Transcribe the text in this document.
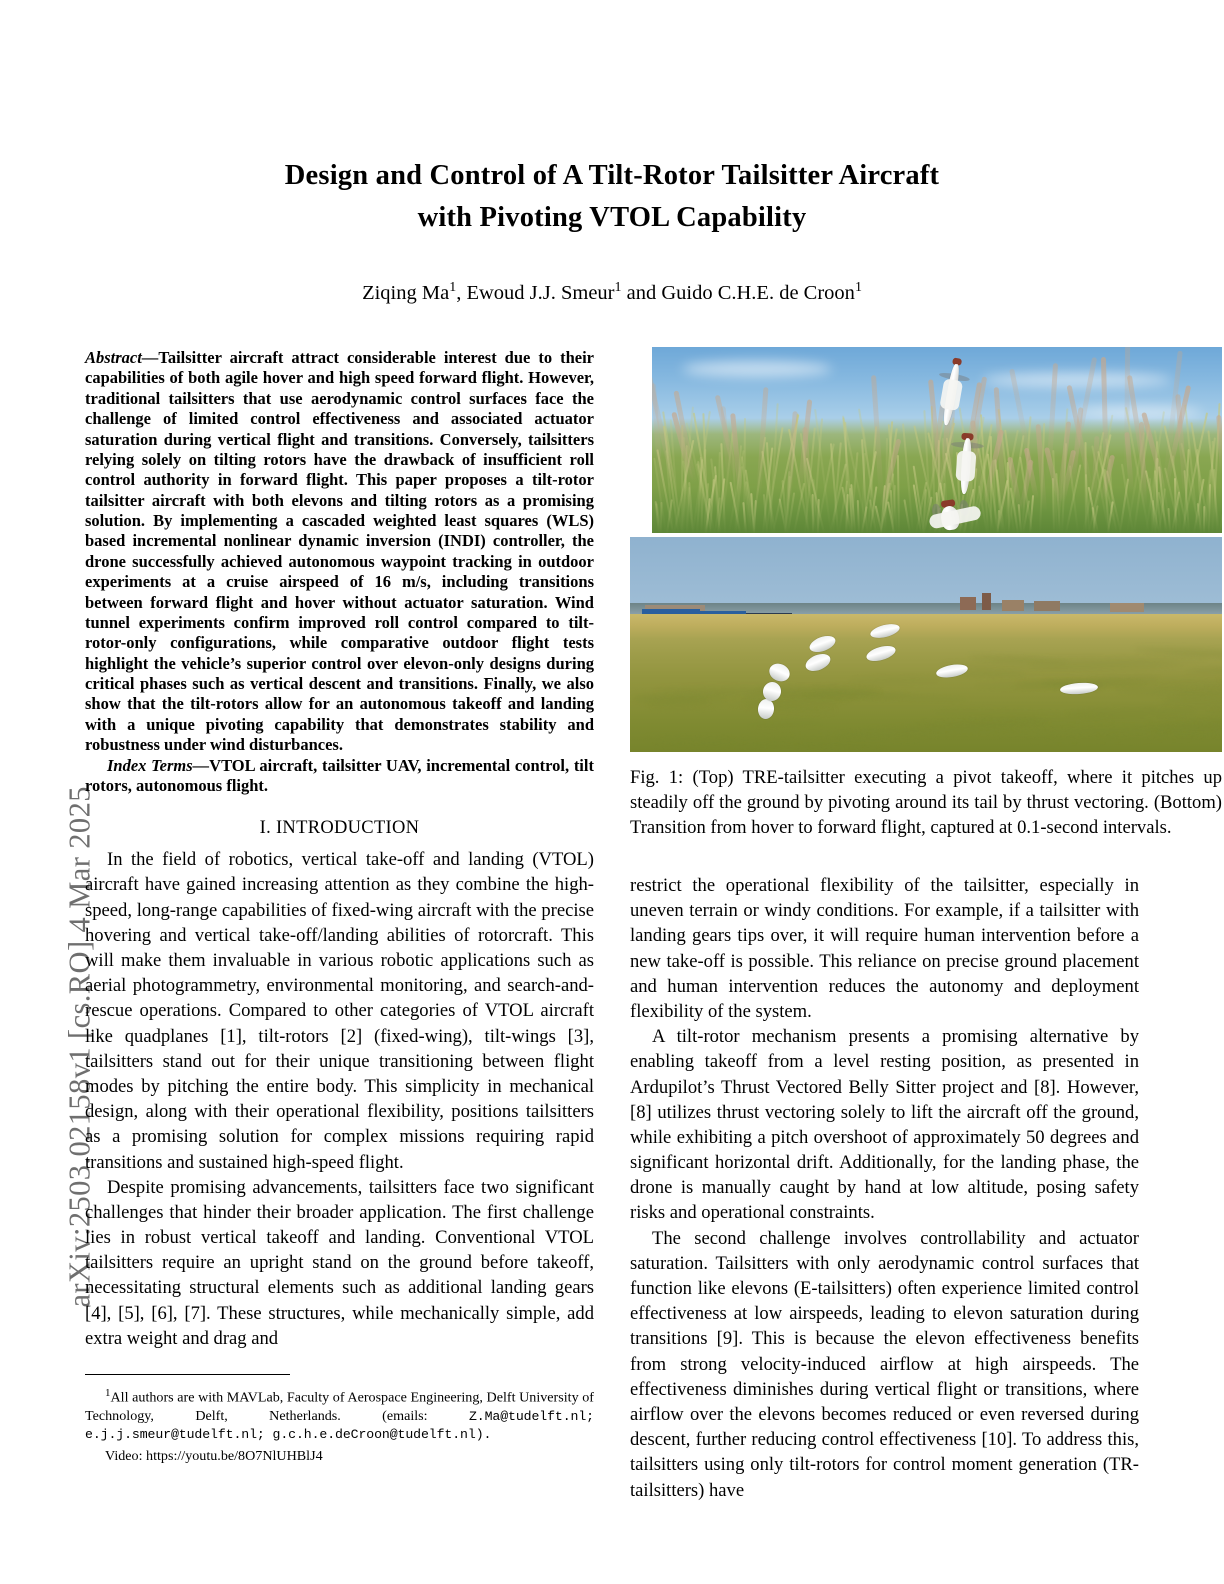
arXiv:2503.02158v1 [cs.RO] 4 Mar 2025
Design and Control of A Tilt-Rotor Tailsitter Aircraft
with Pivoting VTOL Capability
Ziqing Ma$^1$, Ewoud J.J. Smeur$^1$ and Guido C.H.E. de Croon$^1$

Abstract—Tailsitter aircraft attract considerable interest due to their capabilities of both agile hover and high speed forward flight. However, traditional tailsitters that use aerodynamic control surfaces face the challenge of limited control effectiveness and associated actuator saturation during vertical flight and transitions. Conversely, tailsitters relying solely on tilting rotors have the drawback of insufficient roll control authority in forward flight. This paper proposes a tilt-rotor tailsitter aircraft with both elevons and tilting rotors as a promising solution. By implementing a cascaded weighted least squares (WLS) based incremental nonlinear dynamic inversion (INDI) controller, the drone successfully achieved autonomous waypoint tracking in outdoor experiments at a cruise airspeed of 16 m/s, including transitions between forward flight and hover without actuator saturation. Wind tunnel experiments confirm improved roll control compared to tilt-rotor-only configurations, while comparative outdoor flight tests highlight the vehicle’s superior control over elevon-only designs during critical phases such as vertical descent and transitions. Finally, we also show that the tilt-rotors allow for an autonomous takeoff and landing with a unique pivoting capability that demonstrates stability and robustness under wind disturbances.

Index Terms—VTOL aircraft, tailsitter UAV, incremental control, tilt rotors, autonomous flight.

I. INTRODUCTION

In the field of robotics, vertical take-off and landing (VTOL) aircraft have gained increasing attention as they combine the high-speed, long-range capabilities of fixed-wing aircraft with the precise hovering and vertical take-off/landing abilities of rotorcraft. This will make them invaluable in various robotic applications such as aerial photogrammetry, environmental monitoring, and search-and-rescue operations. Compared to other categories of VTOL aircraft like quadplanes [1], tilt-rotors [2] (fixed-wing), tilt-wings [3], tailsitters stand out for their unique transitioning between flight modes by pitching the entire body. This simplicity in mechanical design, along with their operational flexibility, positions tailsitters as a promising solution for complex missions requiring rapid transitions and sustained high-speed flight.

Despite promising advancements, tailsitters face two significant challenges that hinder their broader application. The first challenge lies in robust vertical takeoff and landing. Conventional VTOL tailsitters require an upright stand on the ground before takeoff, necessitating structural elements such as additional landing gears [4], [5], [6], [7]. These structures, while mechanically simple, add extra weight and drag and

$^1$All authors are with MAVLab, Faculty of Aerospace Engineering, Delft University of Technology, Delft, Netherlands. (emails:	Z.Ma@tudelft.nl; e.j.j.smeur@tudelft.nl; g.c.h.e.deCroon@tudelft.nl).

Video: https://youtu.be/8O7NlUHBlJ4

Fig. 1: (Top) TRE-tailsitter executing a pivot takeoff, where it pitches up steadily off the ground by pivoting around its tail by thrust vectoring. (Bottom) Transition from hover to forward flight, captured at 0.1-second intervals.

restrict the operational flexibility of the tailsitter, especially in uneven terrain or windy conditions. For example, if a tailsitter with landing gears tips over, it will require human intervention before a new take-off is possible. This reliance on precise ground placement and human intervention reduces the autonomy and deployment flexibility of the system.

A tilt-rotor mechanism presents a promising alternative by enabling takeoff from a level resting position, as presented in Ardupilot’s Thrust Vectored Belly Sitter project and [8]. However, [8] utilizes thrust vectoring solely to lift the aircraft off the ground, while exhibiting a pitch overshoot of approximately 50 degrees and significant horizontal drift. Additionally, for the landing phase, the drone is manually caught by hand at low altitude, posing safety risks and operational constraints.

The second challenge involves controllability and actuator saturation. Tailsitters with only aerodynamic control surfaces that function like elevons (E-tailsitters) often experience limited control effectiveness at low airspeeds, leading to elevon saturation during transitions [9]. This is because the elevon effectiveness benefits from strong velocity-induced airflow at high airspeeds. The effectiveness diminishes during vertical flight or transitions, where airflow over the elevons becomes reduced or even reversed during descent, further reducing control effectiveness [10]. To address this, tailsitters using only tilt-rotors for control moment generation (TR-tailsitters) have
